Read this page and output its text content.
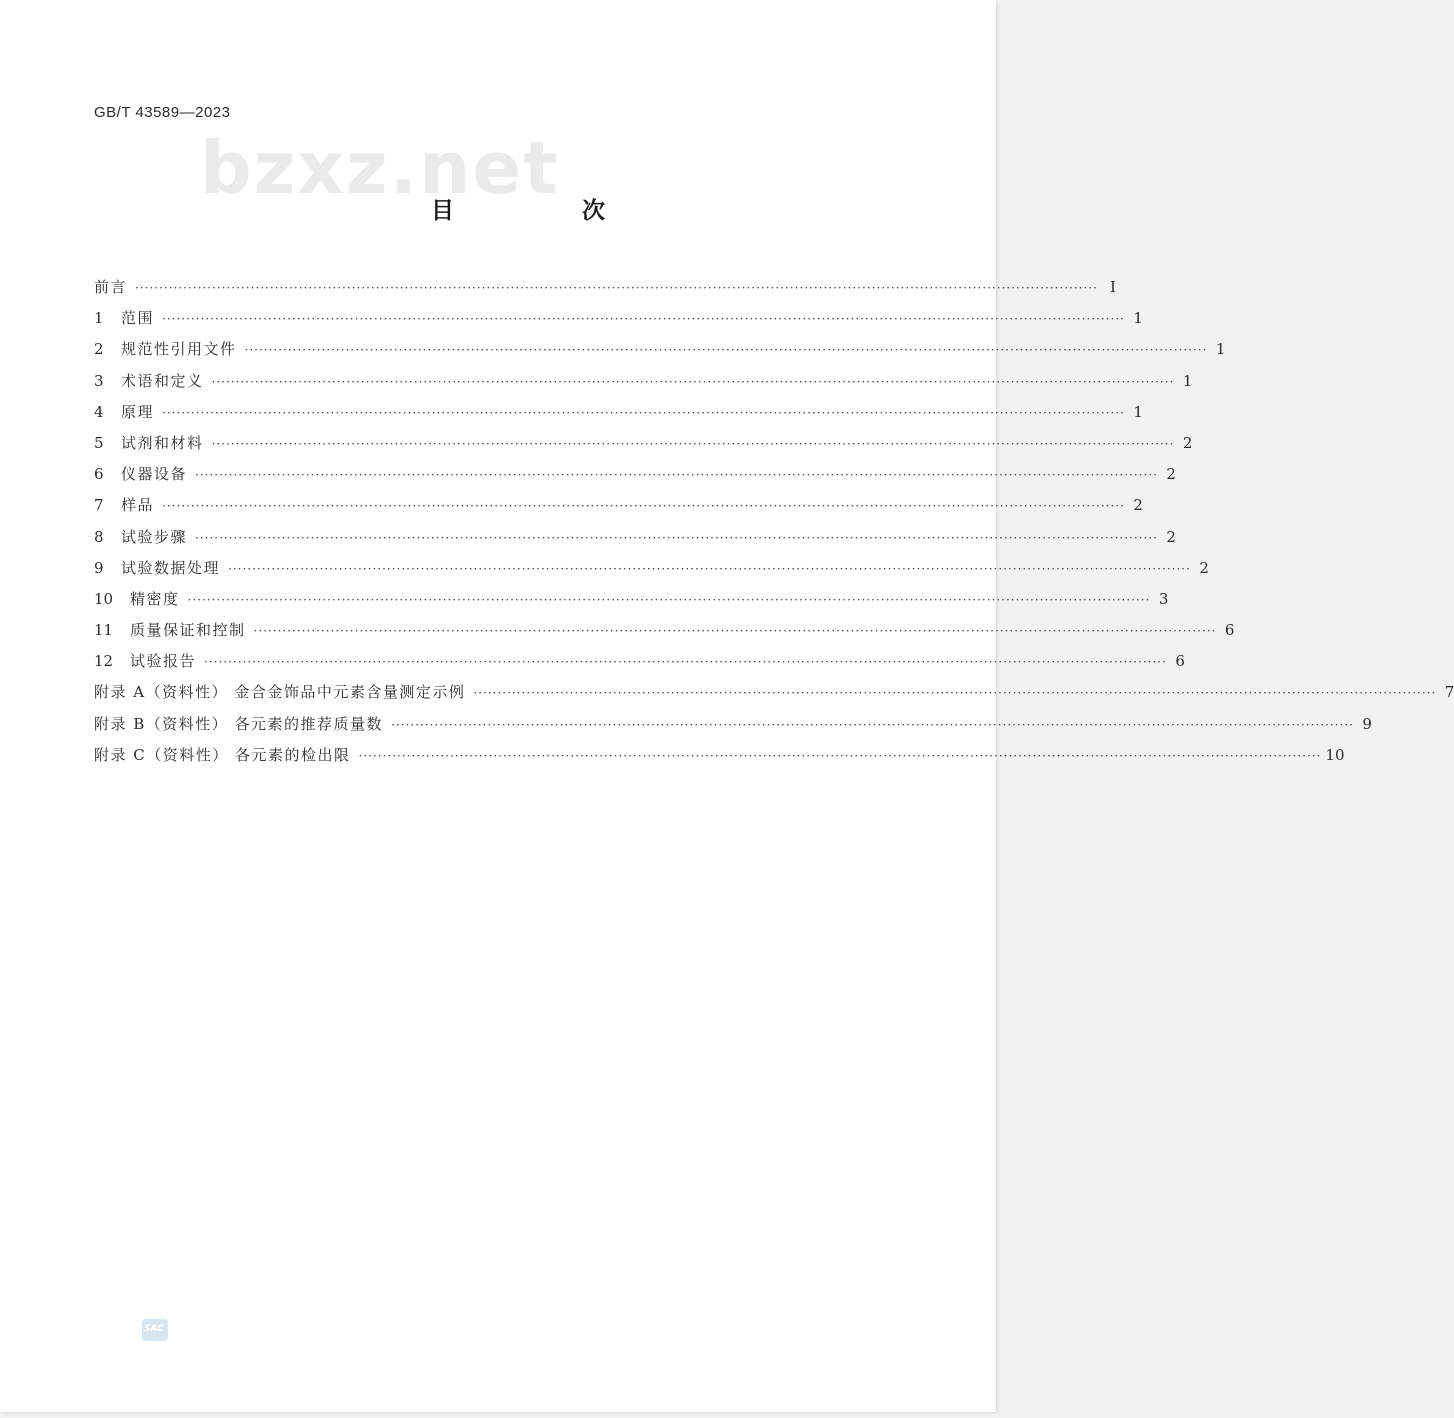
GB/T 43589—2023
bzxz.net
目 次
前言 ········································································································································································································ I
1	范围 ········································································································································································································ 1
2	规范性引用文件 ········································································································································································································ 1
3	术语和定义 ········································································································································································································ 1
4	原理 ········································································································································································································ 1
5	试剂和材料 ········································································································································································································ 2
6	仪器设备 ········································································································································································································ 2
7	样品 ········································································································································································································ 2
8	试验步骤 ········································································································································································································ 2
9	试验数据处理 ········································································································································································································ 2
10	精密度 ········································································································································································································ 3
11	质量保证和控制 ········································································································································································································ 6
12	试验报告 ········································································································································································································ 6
附录 A（资料性） 金合金饰品中元素含量测定示例 ········································································································································································································ 7
附录 B（资料性） 各元素的推荐质量数 ········································································································································································································ 9
附录 C（资料性） 各元素的检出限 ········································································································································································································ 10
SAC
